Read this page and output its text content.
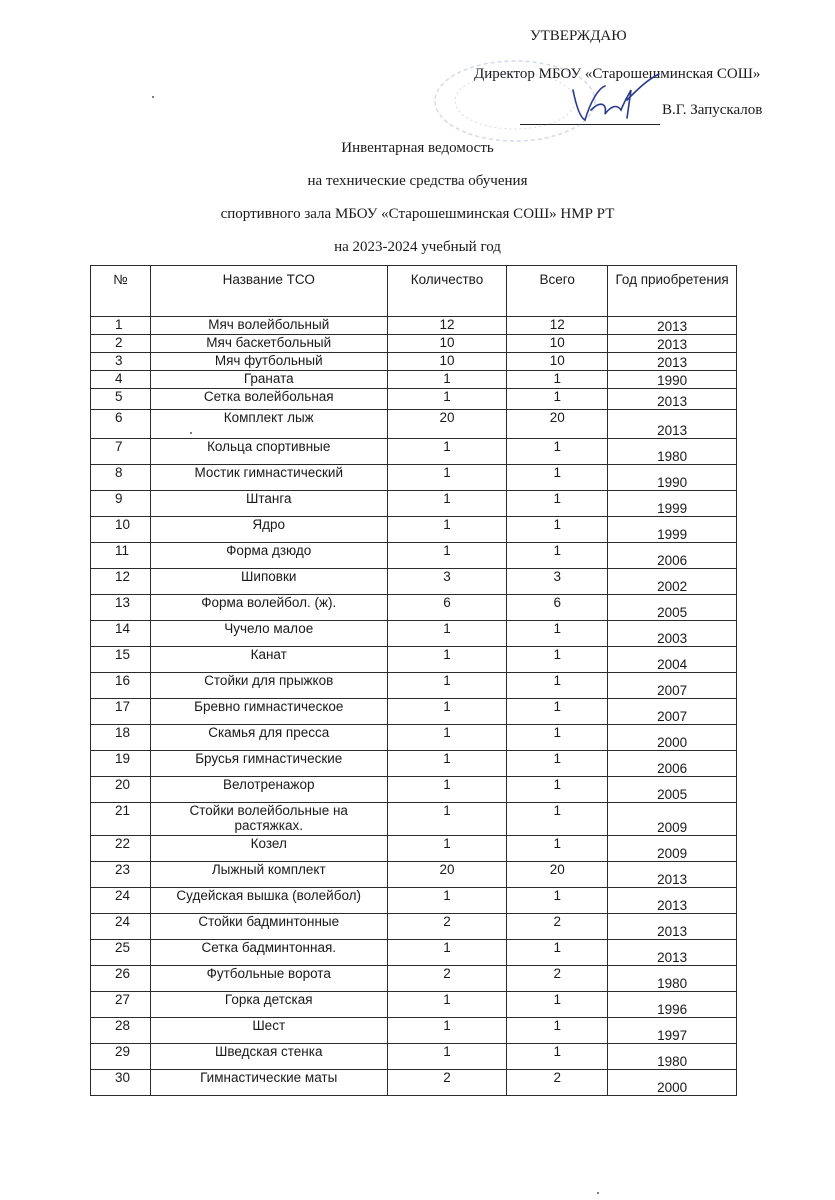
УТВЕРЖДАЮ
Директор МБОУ «Старошешминская СОШ»
В.Г. Запускалов
Инвентарная ведомость
на технические средства обучения
спортивного зала МБОУ «Старошешминская СОШ» НМР РТ
на 2023-2024 учебный год
№	Название ТСО	Количество	Всего	Год приобретения
1	Мяч волейбольный	12	12	2013
2	Мяч баскетбольный	10	10	2013
3	Мяч футбольный	10	10	2013
4	Граната	1	1	1990
5	Сетка волейбольная	1	1	2013
6	Комплект лыж	20	20	2013
7	Кольца спортивные	1	1	1980
8	Мостик гимнастический	1	1	1990
9	Штанга	1	1	1999
10	Ядро	1	1	1999
11	Форма дзюдо	1	1	2006
12	Шиповки	3	3	2002
13	Форма волейбол. (ж).	6	6	2005
14	Чучело малое	1	1	2003
15	Канат	1	1	2004
16	Стойки для прыжков	1	1	2007
17	Бревно гимнастическое	1	1	2007
18	Скамья для пресса	1	1	2000
19	Брусья гимнастические	1	1	2006
20	Велотренажор	1	1	2005
21	Стойки волейбольные на растяжках.	1	1	2009
22	Козел	1	1	2009
23	Лыжный комплект	20	20	2013
24	Судейская вышка (волейбол)	1	1	2013
24	Стойки бадминтонные	2	2	2013
25	Сетка бадминтонная.	1	1	2013
26	Футбольные ворота	2	2	1980
27	Горка детская	1	1	1996
28	Шест	1	1	1997
29	Шведская стенка	1	1	1980
30	Гимнастические маты	2	2	2000
